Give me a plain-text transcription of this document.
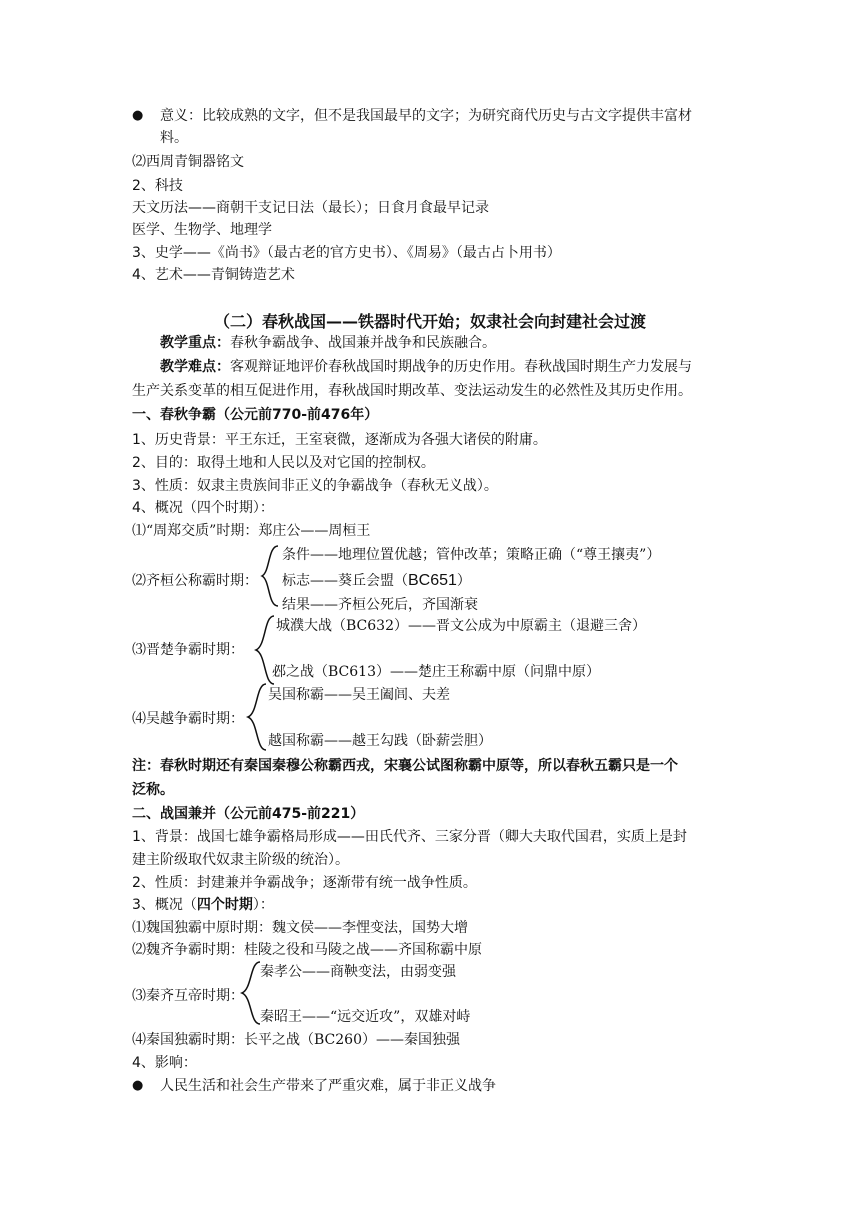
● 意义：比较成熟的文字，但不是我国最早的文字；为研究商代历史与古文字提供丰富材
料。
⑵西周青铜器铭文
2、科技
天文历法——商朝干支记日法（最长）；日食月食最早记录
医学、生物学、地理学
3、史学——《尚书》（最古老的官方史书）、《周易》（最古占卜用书）
4、艺术——青铜铸造艺术
（二）春秋战国——铁器时代开始；奴隶社会向封建社会过渡
教学重点：春秋争霸战争、战国兼并战争和民族融合。
教学难点：客观辩证地评价春秋战国时期战争的历史作用。春秋战国时期生产力发展与
生产关系变革的相互促进作用，春秋战国时期改革、变法运动发生的必然性及其历史作用。
一、春秋争霸（公元前770-前476年）
1、历史背景：平王东迁，王室衰微，逐渐成为各强大诸侯的附庸。
2、目的：取得土地和人民以及对它国的控制权。
3、性质：奴隶主贵族间非正义的争霸战争（春秋无义战）。
4、概况（四个时期）：
⑴“周郑交质”时期：郑庄公——周桓王
⑵齐桓公称霸时期：
条件——地理位置优越；管仲改革；策略正确（“尊王攘夷”）
标志——葵丘会盟（BC651）
结果——齐桓公死后，齐国渐衰
⑶晋楚争霸时期：
城濮大战（BC632）——晋文公成为中原霸主（退避三舍）
邲之战（BC613）——楚庄王称霸中原（问鼎中原）
⑷吴越争霸时期：
吴国称霸——吴王阖闾、夫差
越国称霸——越王勾践（卧薪尝胆）
注：春秋时期还有秦国秦穆公称霸西戎，宋襄公试图称霸中原等，所以春秋五霸只是一个
泛称。
二、战国兼并（公元前475-前221）
1、背景：战国七雄争霸格局形成——田氏代齐、三家分晋（卿大夫取代国君，实质上是封
建主阶级取代奴隶主阶级的统治）。
2、性质：封建兼并争霸战争；逐渐带有统一战争性质。
3、概况（四个时期）：
⑴魏国独霸中原时期：魏文侯——李悝变法，国势大增
⑵魏齐争霸时期：桂陵之役和马陵之战——齐国称霸中原
⑶秦齐互帝时期：
秦孝公——商鞅变法，由弱变强
秦昭王——“远交近攻”，双雄对峙
⑷秦国独霸时期：长平之战（BC260）——秦国独强
4、影响：
● 人民生活和社会生产带来了严重灾难，属于非正义战争
